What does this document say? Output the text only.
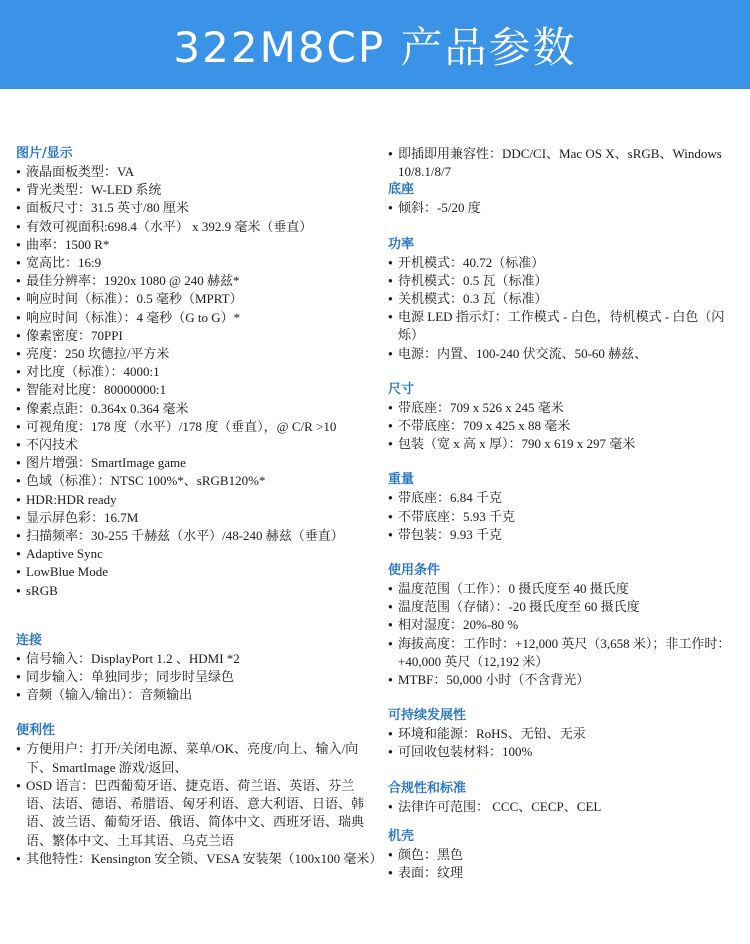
322M8CP 产品参数
图片/显示
● 液晶面板类型：VA
● 背光类型：W-LED 系统
● 面板尺寸：31.5 英寸/80 厘米
● 有效可视面积:698.4（水平） x 392.9 毫米（垂直）
● 曲率：1500 R*
● 宽高比：16:9
● 最佳分辨率：1920x 1080 @ 240 赫兹*
● 响应时间（标准）：0.5 毫秒（MPRT）
● 响应时间（标准）：4 毫秒（G to G）*
● 像素密度：70PPI
● 亮度：250 坎德拉/平方米
● 对比度（标准）：4000:1
● 智能对比度：80000000:1
● 像素点距：0.364x 0.364 毫米
● 可视角度：178 度（水平）/178 度（垂直），@ C/R >10
● 不闪技术
● 图片增强：SmartImage game
● 色域（标准）：NTSC 100%*、sRGB120%*
● HDR:HDR ready
● 显示屏色彩：16.7M
● 扫描频率：30-255 千赫兹（水平）/48-240 赫兹（垂直）
● Adaptive Sync
● LowBlue Mode
● sRGB
连接
● 信号输入：DisplayPort 1.2 、HDMI *2
● 同步输入：单独同步；同步时呈绿色
● 音频（输入/输出）：音频输出
便利性
● 方便用户：打开/关闭电源、菜单/OK、亮度/向上、输入/向下、SmartImage 游戏/返回、
● OSD 语言：巴西葡萄牙语、捷克语、荷兰语、英语、芬兰语、法语、德语、希腊语、匈牙利语、意大利语、日语、韩语、波兰语、葡萄牙语、俄语、简体中文、西班牙语、瑞典语、繁体中文、土耳其语、乌克兰语
● 其他特性：Kensington 安全锁、VESA 安装架（100x100 毫米）
● 即插即用兼容性：DDC/CI、Mac OS X、sRGB、Windows 10/8.1/8/7
底座
● 倾斜：-5/20 度
功率
● 开机模式：40.72（标准）
● 待机模式：0.5 瓦（标准）
● 关机模式：0.3 瓦（标准）
● 电源 LED 指示灯：工作模式 - 白色，待机模式 - 白色（闪烁）
● 电源：内置、100-240 伏交流、50-60 赫兹、
尺寸
● 带底座：709 x 526 x 245 毫米
● 不带底座：709 x 425 x 88 毫米
● 包装（宽 x 高 x 厚）：790 x 619 x 297 毫米
重量
● 带底座：6.84 千克
● 不带底座：5.93 千克
● 带包装：9.93 千克
使用条件
● 温度范围（工作）：0 摄氏度至 40 摄氏度
● 温度范围（存储）：-20 摄氏度至 60 摄氏度
● 相对湿度：20%-80 %
● 海拔高度：工作时：+12,000 英尺（3,658 米）；非工作时：+40,000 英尺（12,192 米）
● MTBF：50,000 小时（不含背光）
可持续发展性
● 环境和能源：RoHS、无铅、无汞
● 可回收包装材料：100%
合规性和标准
● 法律许可范围： CCC、CECP、CEL
机壳
● 颜色：黑色
● 表面：纹理
